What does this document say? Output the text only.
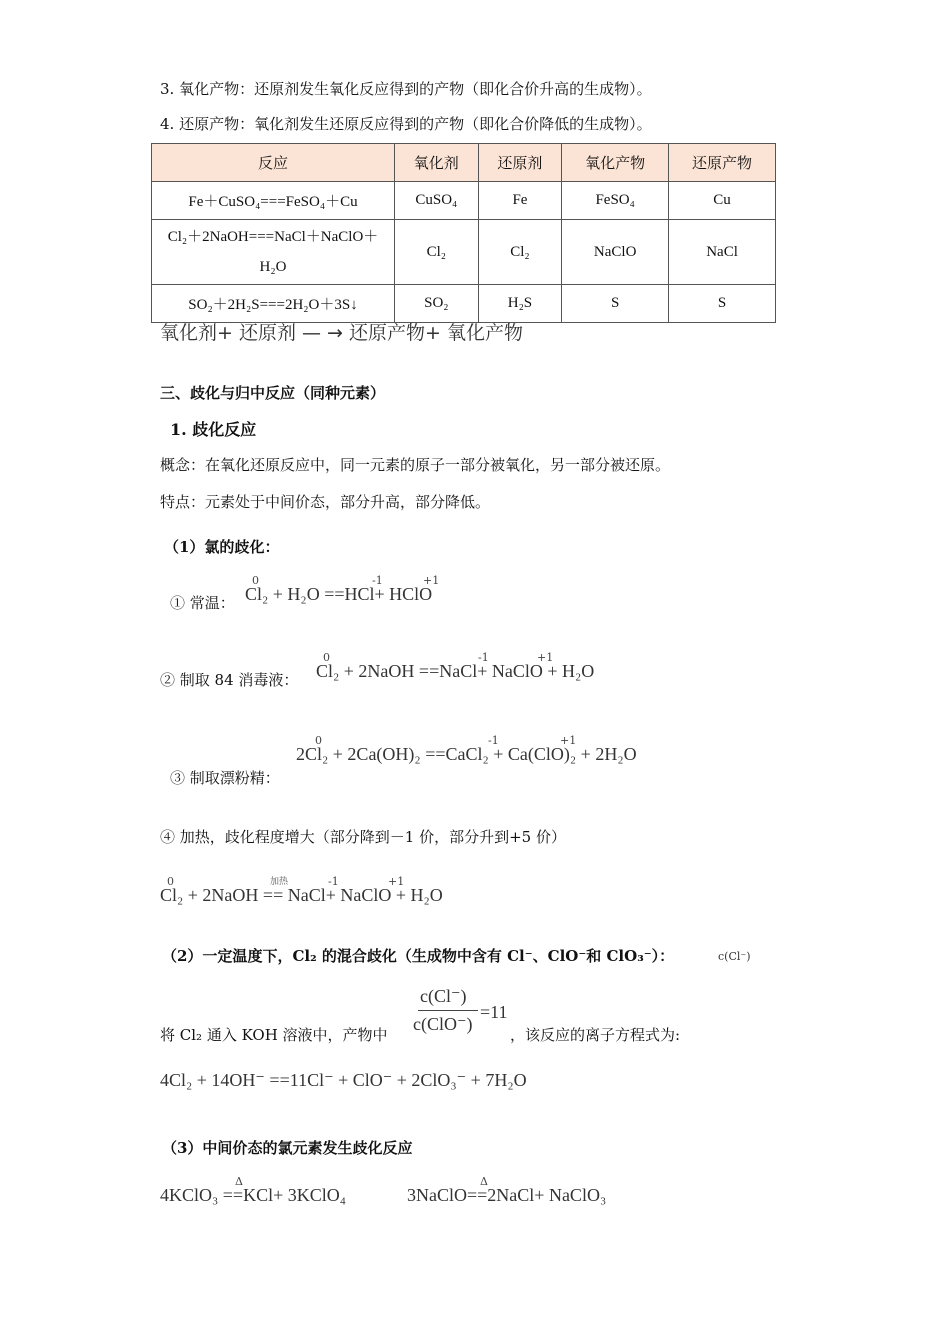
3. 氧化产物：还原剂发生氧化反应得到的产物（即化合价升高的生成物）。
4. 还原产物：氧化剂发生还原反应得到的产物（即化合价降低的生成物）。
反应	氧化剂	还原剂	氧化产物	还原产物
Fe＋CuSO₄===FeSO₄＋Cu	CuSO₄	Fe	FeSO₄	Cu
Cl₂＋2NaOH===NaCl＋NaClO＋H₂O	Cl₂	Cl₂	NaClO	NaCl
SO₂＋2H₂S===2H₂O＋3S↓	SO₂	H₂S	S	S
氧化剂+ 还原剂 — → 还原产物+ 氧化产物
三、歧化与归中反应（同种元素）
1. 歧化反应
概念：在氧化还原反应中，同一元素的原子一部分被氧化，另一部分被还原。
特点：元素处于中间价态，部分升高，部分降低。
（1）氯的歧化：
① 常温： Cl₂ + H₂O ==HCl+ HClO
0	-1	+1
② 制取 84 消毒液： Cl₂ + 2NaOH ==NaCl+ NaClO + H₂O
0	-1	+1
2Cl₂ + 2Ca(OH)₂ ==CaCl₂ + Ca(ClO)₂ + 2H₂O
0	-1	+1
③ 制取漂粉精：
④ 加热，歧化程度增大（部分降到－1 价，部分升到+5 价）
Cl₂ + 2NaOH == NaCl+ NaClO + H₂O
0	加热	-1	+1
（2）一定温度下，Cl₂ 的混合歧化（生成物中含有 Cl⁻、ClO⁻和 ClO₃⁻）：	c(Cl⁻)
c(Cl⁻)
c(ClO⁻)
=11
将 Cl₂ 通入 KOH 溶液中，产物中	，该反应的离子方程式为:
4Cl₂ + 14OH⁻ ==11Cl⁻ + ClO⁻ + 2ClO₃⁻ + 7H₂O
（3）中间价态的氯元素发生歧化反应
Δ
4KClO₃ ==KCl+ 3KClO₄
Δ
3NaClO==2NaCl+ NaClO₃
